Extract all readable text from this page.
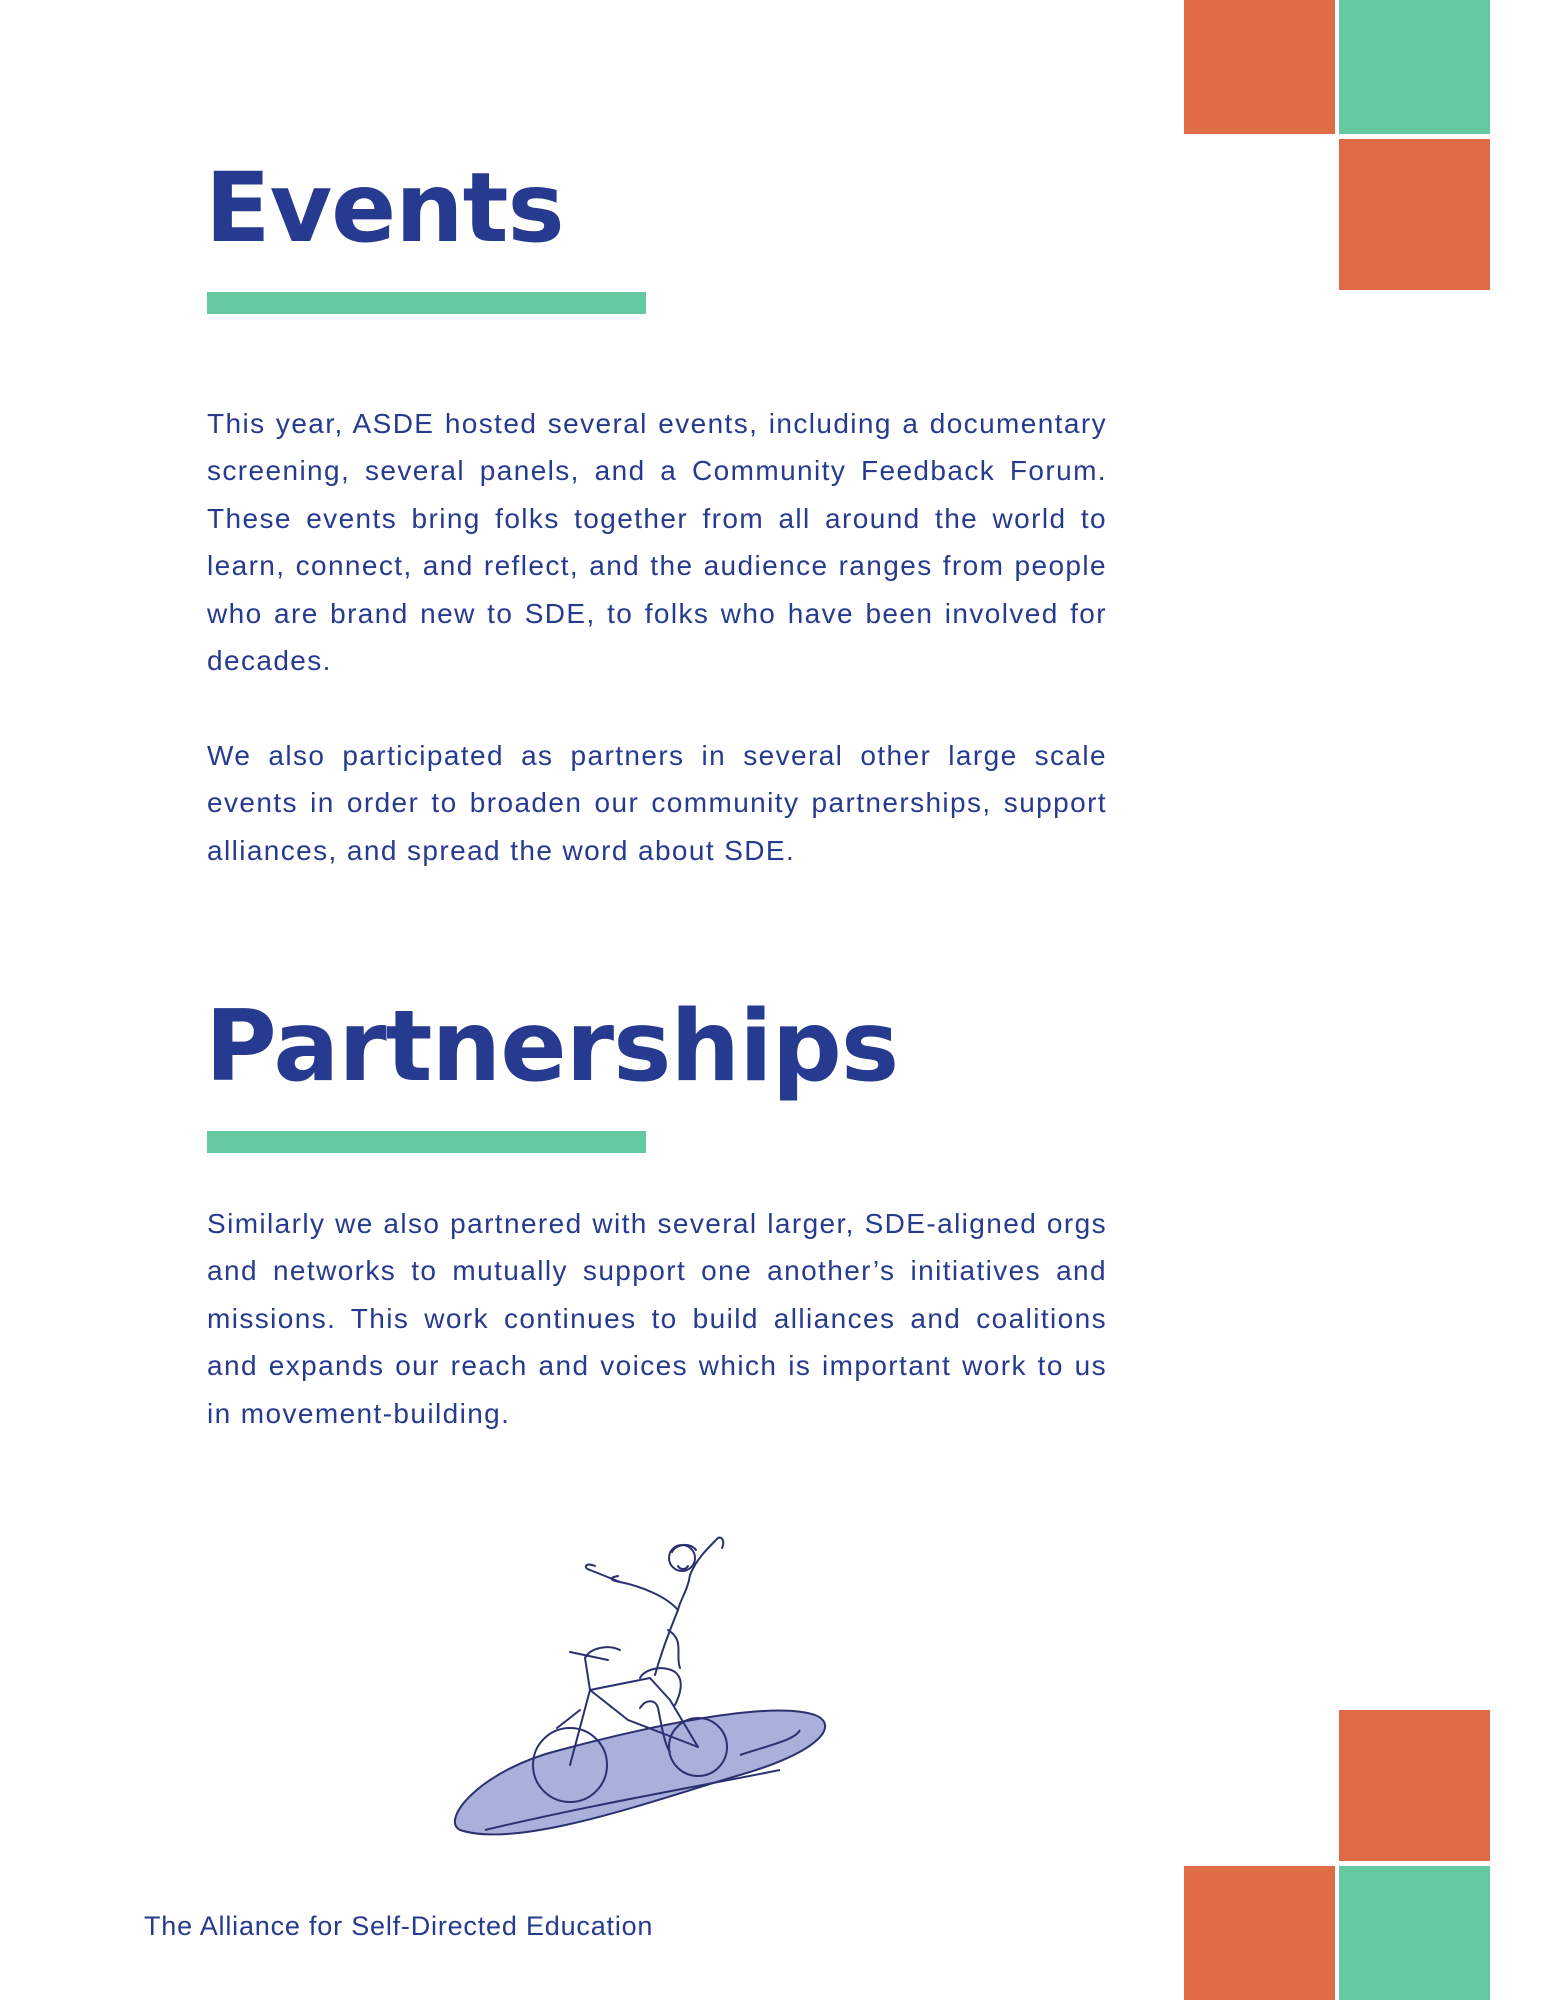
Events

This year, ASDE hosted several events, including a documentary screening, several panels, and a Community Feedback Forum. These events bring folks together from all around the world to learn, connect, and reflect, and the audience ranges from people who are brand new to SDE, to folks who have been involved for decades.

We also participated as partners in several other large scale events in order to broaden our community partnerships, support alliances, and spread the word about SDE.

Partnerships

Similarly we also partnered with several larger, SDE-aligned orgs and networks to mutually support one another’s initiatives and missions. This work continues to build alliances and coalitions and expands our reach and voices which is important work to us in movement-building.

The Alliance for Self-Directed Education
